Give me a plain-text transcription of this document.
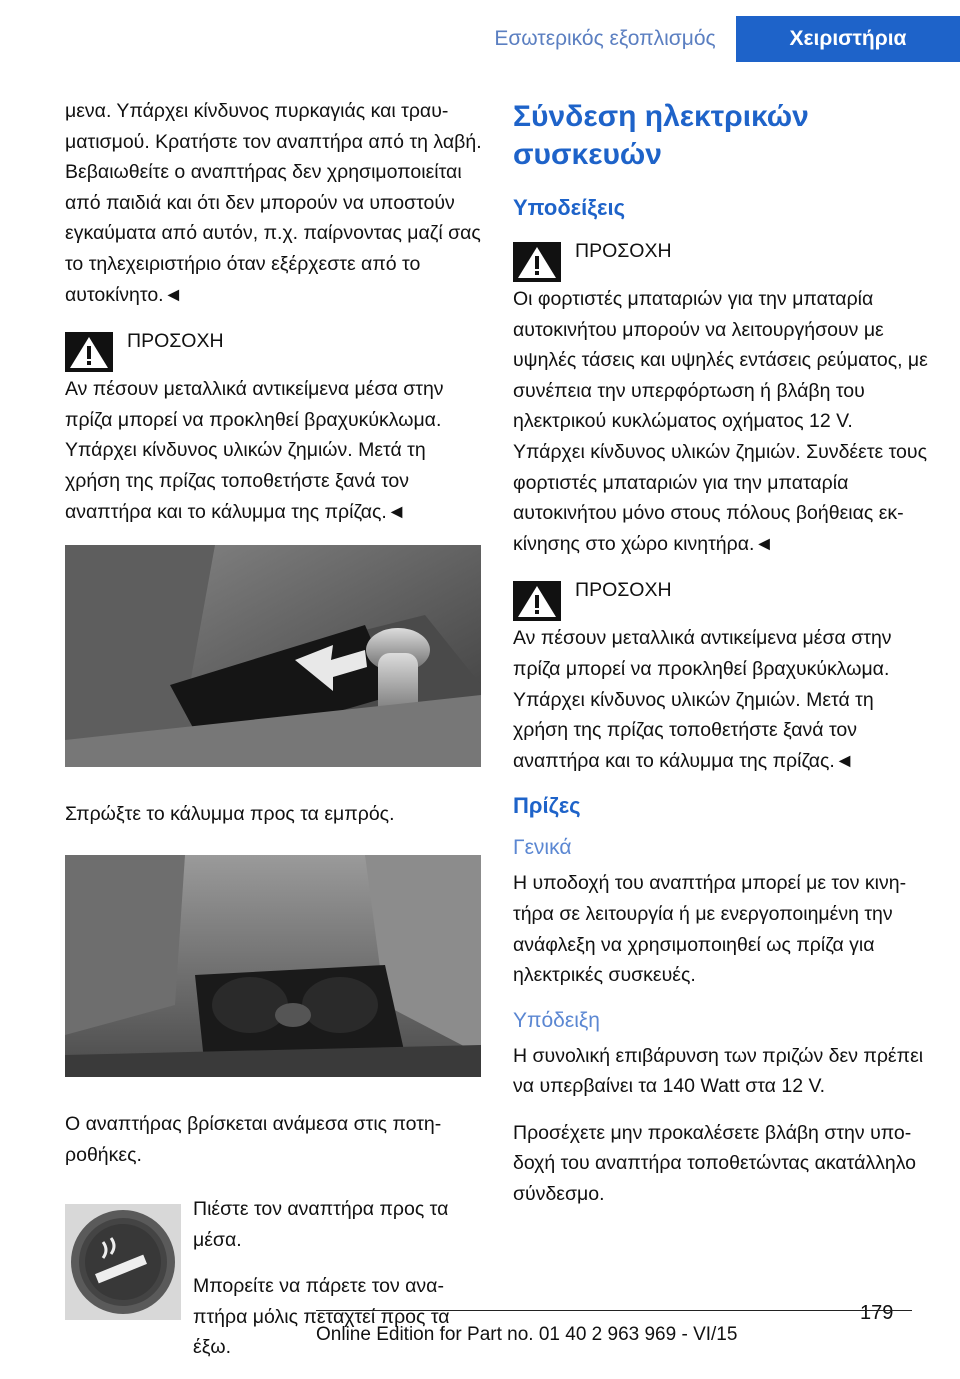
Εσωτερικός εξοπλισμός	Χειριστήρια

μενα. Υπάρχει κίνδυνος πυρκαγιάς και τραυματισμού. Κρατήστε τον αναπτήρα από τη λαβή. Βεβαιωθείτε ο αναπτήρας δεν χρησιμοποιείται από παιδιά και ότι δεν μπορούν να υποστούν εγκαύματα από αυτόν, π.χ. παίρνοντας μαζί σας το τηλεχειριστήριο όταν εξέρχεστε από το αυτοκίνητο.◄

ΠΡΟΣΟΧΗ

Αν πέσουν μεταλλικά αντικείμενα μέσα στην πρίζα μπορεί να προκληθεί βραχυκύκλωμα. Υπάρχει κίνδυνος υλικών ζημιών. Μετά τη χρήση της πρίζας τοποθετήστε ξανά τον αναπτήρα και το κάλυμμα της πρίζας.◄

Σπρώξτε το κάλυμμα προς τα εμπρός.

Ο αναπτήρας βρίσκεται ανάμεσα στις ποτηροθήκες.

Πιέστε τον αναπτήρα προς τα μέσα.

Μπορείτε να πάρετε τον αναπτήρα μόλις πεταχτεί προς τα έξω.

Σύνδεση ηλεκτρικών συσκευών
Υποδείξεις

ΠΡΟΣΟΧΗ

Οι φορτιστές μπαταριών για την μπαταρία αυτοκινήτου μπορούν να λειτουργήσουν με υψηλές τάσεις και υψηλές εντάσεις ρεύματος, με συνέπεια την υπερφόρτωση ή βλάβη του ηλεκτρικού κυκλώματος οχήματος 12 V. Υπάρχει κίνδυνος υλικών ζημιών. Συνδέετε τους φορτιστές μπαταριών για την μπαταρία αυτοκινήτου μόνο στους πόλους βοήθειας εκκίνησης στο χώρο κινητήρα.◄

ΠΡΟΣΟΧΗ

Αν πέσουν μεταλλικά αντικείμενα μέσα στην πρίζα μπορεί να προκληθεί βραχυκύκλωμα. Υπάρχει κίνδυνος υλικών ζημιών. Μετά τη χρήση της πρίζας τοποθετήστε ξανά τον αναπτήρα και το κάλυμμα της πρίζας.◄

Πρίζες
Γενικά

Η υποδοχή του αναπτήρα μπορεί με τον κινητήρα σε λειτουργία ή με ενεργοποιημένη την ανάφλεξη να χρησιμοποιηθεί ως πρίζα για ηλεκτρικές συσκευές.

Υπόδειξη

Η συνολική επιβάρυνση των πριζών δεν πρέπει να υπερβαίνει τα 140 Watt στα 12 V.

Προσέχετε μην προκαλέσετε βλάβη στην υποδοχή του αναπτήρα τοποθετώντας ακατάλληλο σύνδεσμο.

179
Online Edition for Part no. 01 40 2 963 969 - VI/15
